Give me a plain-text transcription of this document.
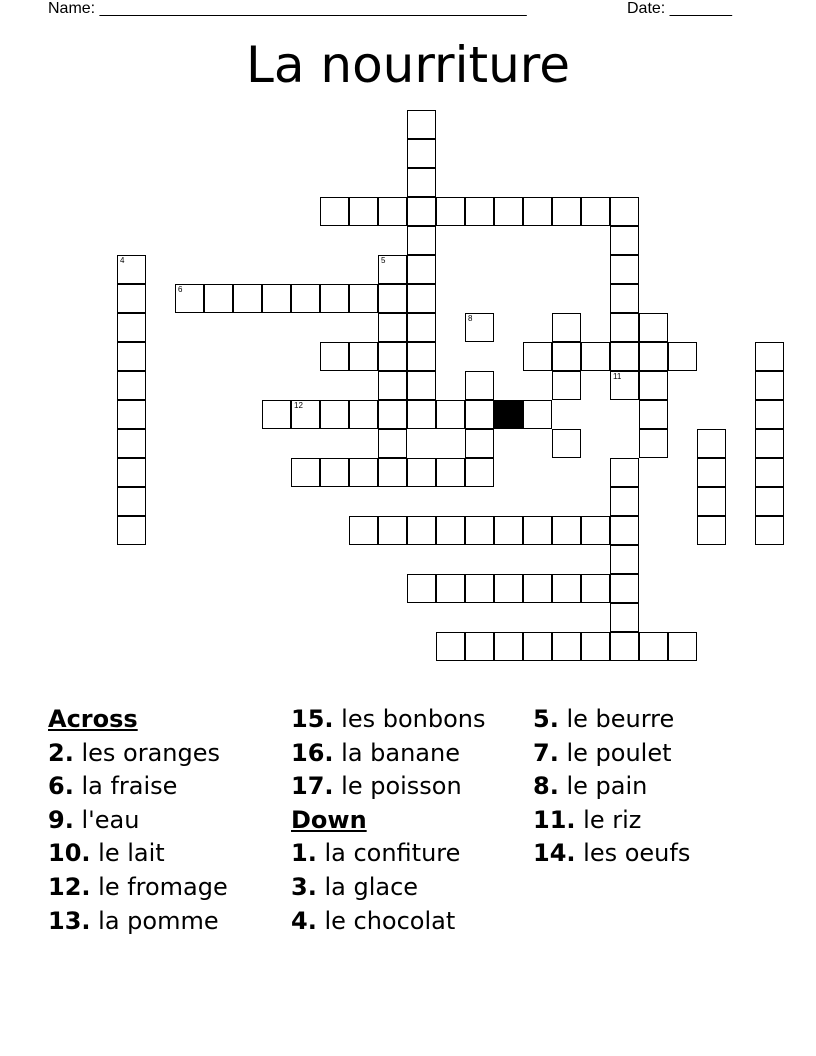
Name: ________________________________________________	Date: _______
La nourriture
6
12
4
8
11
5
Across
2. les oranges
6. la fraise
9. l'eau
10. le lait
12. le fromage
13. la pomme
15. les bonbons
16. la banane
17. le poisson
Down
1. la confiture
3. la glace
4. le chocolat
5. le beurre
7. le poulet
8. le pain
11. le riz
14. les oeufs
